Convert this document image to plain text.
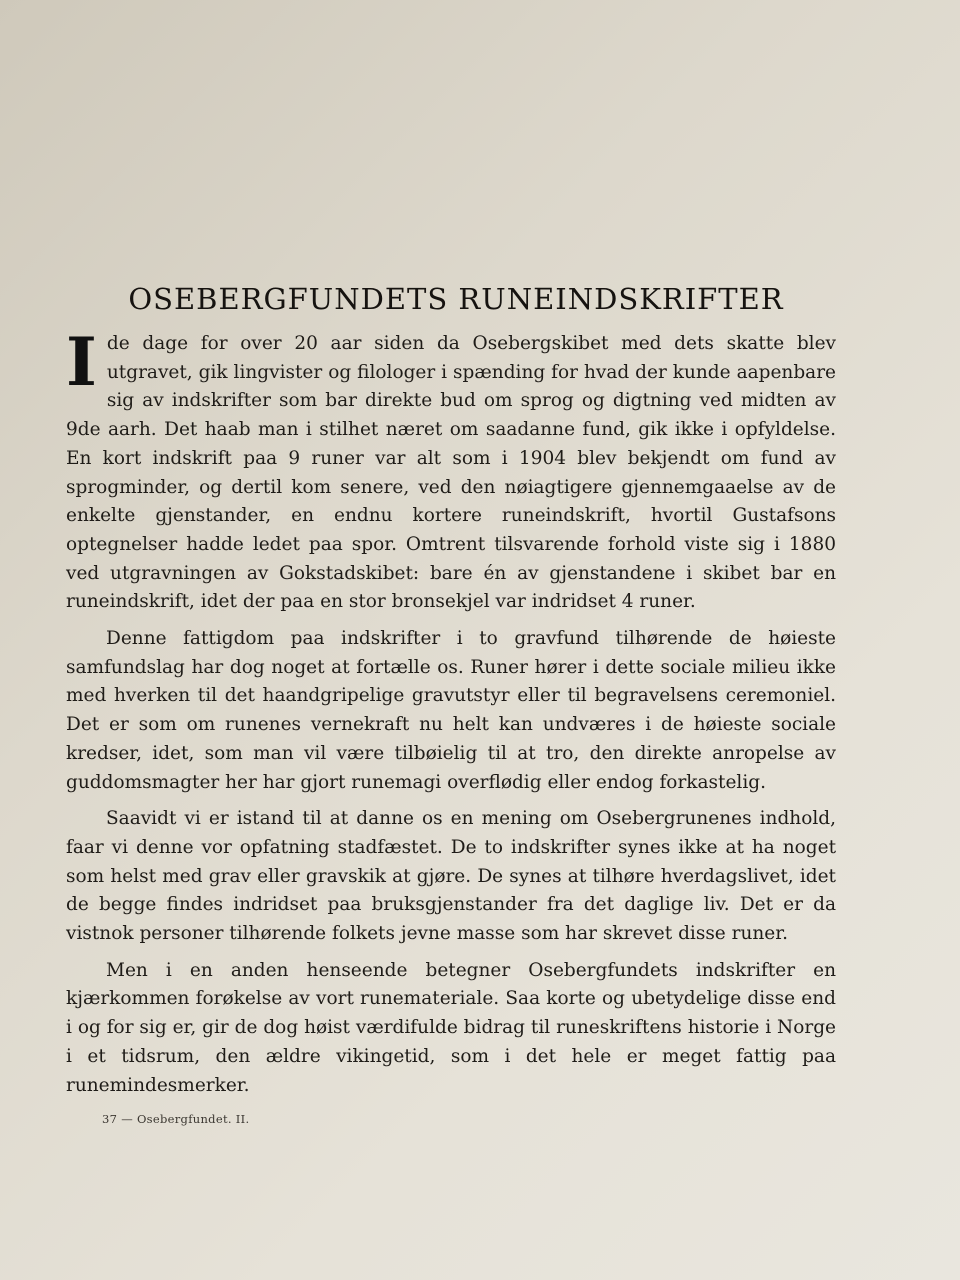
OSEBERGFUNDETS RUNEINDSKRIFTER

I de dage for over 20 aar siden da Osebergskibet med dets skatte blev utgravet, gik lingvister og filologer i spænding for hvad der kunde aapenbare sig av indskrifter som bar direkte bud om sprog og digtning ved midten av 9de aarh. Det haab man i stilhet næret om saadanne fund, gik ikke i opfyldelse. En kort indskrift paa 9 runer var alt som i 1904 blev bekjendt om fund av sprogminder, og dertil kom senere, ved den nøiagtigere gjennemgaaelse av de enkelte gjenstander, en endnu kortere runeindskrift, hvortil Gustafsons optegnelser hadde ledet paa spor. Omtrent tilsvarende forhold viste sig i 1880 ved utgravningen av Gokstadskibet: bare én av gjenstandene i skibet bar en runeindskrift, idet der paa en stor bronsekjel var indridset 4 runer.

Denne fattigdom paa indskrifter i to gravfund tilhørende de høieste samfundslag har dog noget at fortælle os. Runer hører i dette sociale milieu ikke med hverken til det haandgripelige gravutstyr eller til begravelsens ceremoniel. Det er som om runenes vernekraft nu helt kan undværes i de høieste sociale kredser, idet, som man vil være tilbøielig til at tro, den direkte anropelse av guddomsmagter her har gjort runemagi overflødig eller endog forkastelig.

Saavidt vi er istand til at danne os en mening om Osebergrunenes indhold, faar vi denne vor opfatning stadfæstet. De to indskrifter synes ikke at ha noget som helst med grav eller gravskik at gjøre. De synes at tilhøre hverdagslivet, idet de begge findes indridset paa bruksgjenstander fra det daglige liv. Det er da vistnok personer tilhørende folkets jevne masse som har skrevet disse runer.

Men i en anden henseende betegner Osebergfundets indskrifter en kjærkommen forøkelse av vort runemateriale. Saa korte og ubetydelige disse end i og for sig er, gir de dog høist værdifulde bidrag til runeskriftens historie i Norge i et tidsrum, den ældre vikingetid, som i det hele er meget fattig paa runemindesmerker.

37 — Osebergfundet. II.
